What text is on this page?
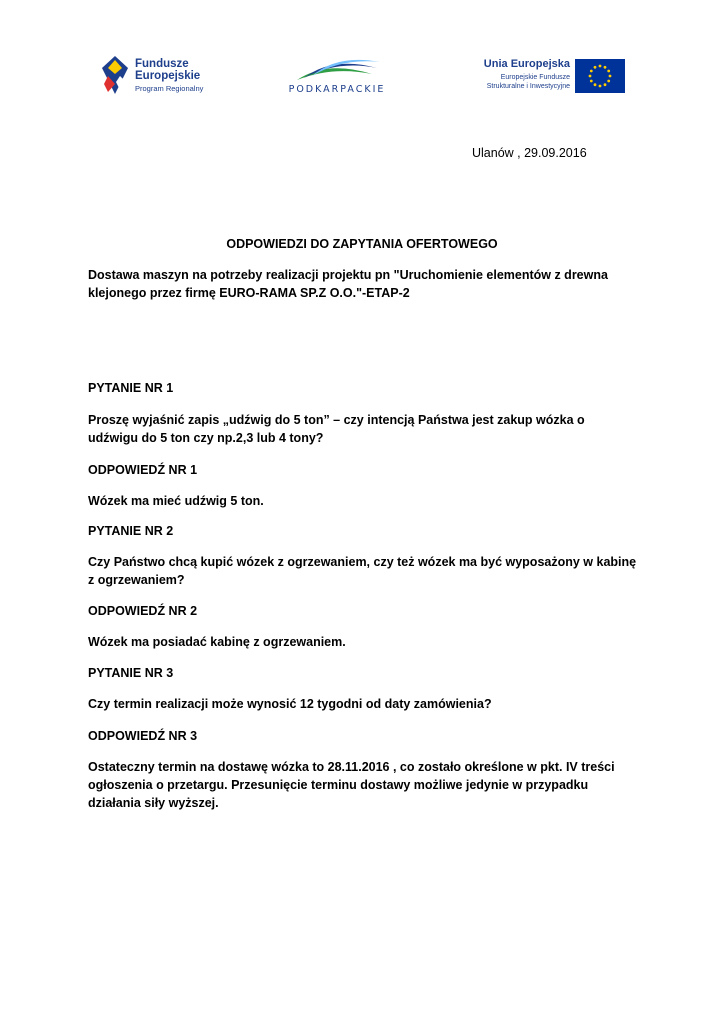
Fundusze
Europejskie
Program Regionalny	PODKARPACKIE
Unia Europejska
Europejskie Fundusze
Strukturalne i Inwestycyjne
Ulanów , 29.09.2016
ODPOWIEDZI DO ZAPYTANIA OFERTOWEGO
Dostawa maszyn na potrzeby realizacji projektu pn "Uruchomienie elementów z drewna klejonego przez firmę EURO-RAMA SP.Z O.O."-ETAP-2
PYTANIE NR 1
Proszę wyjaśnić zapis „udźwig do 5 ton” – czy intencją Państwa jest zakup wózka o udźwigu do 5 ton czy np.2,3 lub 4 tony?
ODPOWIEDŹ NR 1
Wózek ma mieć udźwig 5 ton.
PYTANIE NR 2
Czy Państwo chcą kupić wózek z ogrzewaniem, czy też wózek ma być wyposażony w kabinę z ogrzewaniem?
ODPOWIEDŹ NR 2
Wózek ma posiadać kabinę z ogrzewaniem.
PYTANIE NR 3
Czy termin realizacji może wynosić 12 tygodni od daty zamówienia?
ODPOWIEDŹ NR 3
Ostateczny termin na dostawę wózka to 28.11.2016 , co zostało określone w pkt. IV treści ogłoszenia o przetargu. Przesunięcie terminu dostawy możliwe jedynie w przypadku działania siły wyższej.
